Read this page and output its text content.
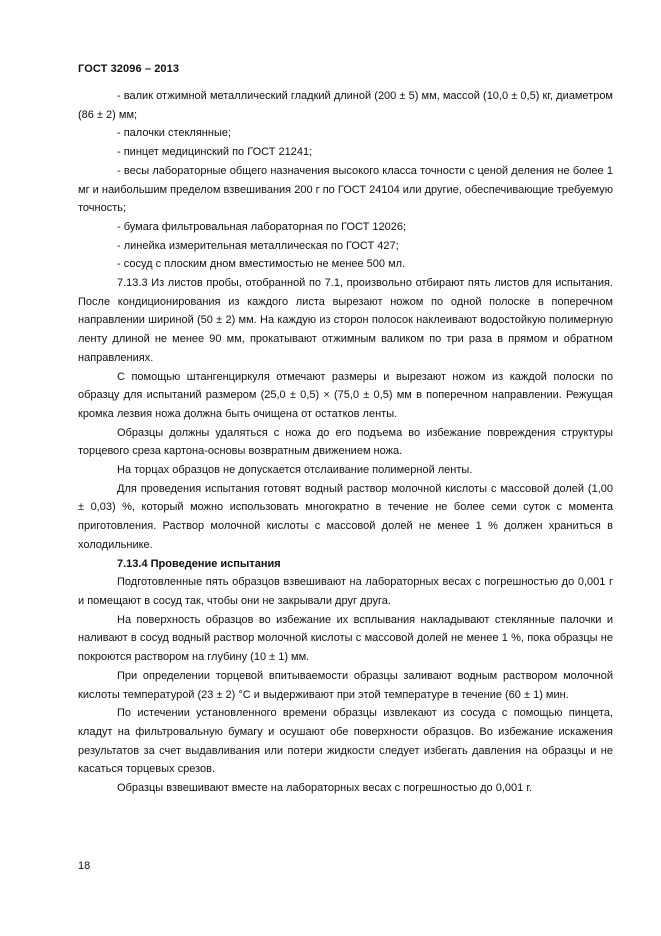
ГОСТ 32096 – 2013

- валик отжимной металлический гладкий длиной (200 ± 5) мм, массой (10,0 ± 0,5) кг, диаметром (86 ± 2) мм;

- палочки стеклянные;

- пинцет медицинский по ГОСТ 21241;

- весы лабораторные общего назначения высокого класса точности с ценой деления не более 1 мг и наибольшим пределом взвешивания 200 г по ГОСТ 24104 или другие, обеспечивающие требуемую точность;

- бумага фильтровальная лабораторная по ГОСТ 12026;

- линейка измерительная металлическая по ГОСТ 427;

- сосуд с плоским дном вместимостью не менее 500 мл.

7.13.3 Из листов пробы, отобранной по 7.1, произвольно отбирают пять листов для испытания. После кондиционирования из каждого листа вырезают ножом по одной полоске в поперечном направлении шириной (50 ± 2) мм. На каждую из сторон полосок наклеивают водостойкую полимерную ленту длиной не менее 90 мм, прокатывают отжимным валиком по три раза в прямом и обратном направлениях.

С помощью штангенциркуля отмечают размеры и вырезают ножом из каждой полоски по образцу для испытаний размером (25,0 ± 0,5) × (75,0 ± 0,5) мм в поперечном направлении. Режущая кромка лезвия ножа должна быть очищена от остатков ленты.

Образцы должны удаляться с ножа до его подъема во избежание повреждения структуры торцевого среза картона-основы возвратным движением ножа.

На торцах образцов не допускается отслаивание полимерной ленты.

Для проведения испытания готовят водный раствор молочной кислоты с массовой долей (1,00 ± 0,03) %, который можно использовать многократно в течение не более семи суток с момента приготовления. Раствор молочной кислоты с массовой долей не менее 1 % должен храниться в холодильнике.

7.13.4 Проведение испытания

Подготовленные пять образцов взвешивают на лабораторных весах с погрешностью до 0,001 г и помещают в сосуд так, чтобы они не закрывали друг друга.

На поверхность образцов во избежание их всплывания накладывают стеклянные палочки и наливают в сосуд водный раствор молочной кислоты с массовой долей не менее 1 %, пока образцы не покроются раствором на глубину (10 ± 1) мм.

При определении торцевой впитываемости образцы заливают водным раствором молочной кислоты температурой (23 ± 2) °С и выдерживают при этой температуре в течение (60 ± 1) мин.

По истечении установленного времени образцы извлекают из сосуда с помощью пинцета, кладут на фильтровальную бумагу и осушают обе поверхности образцов. Во избежание искажения результатов за счет выдавливания или потери жидкости следует избегать давления на образцы и не касаться торцевых срезов.

Образцы взвешивают вместе на лабораторных весах с погрешностью до 0,001 г.

18
